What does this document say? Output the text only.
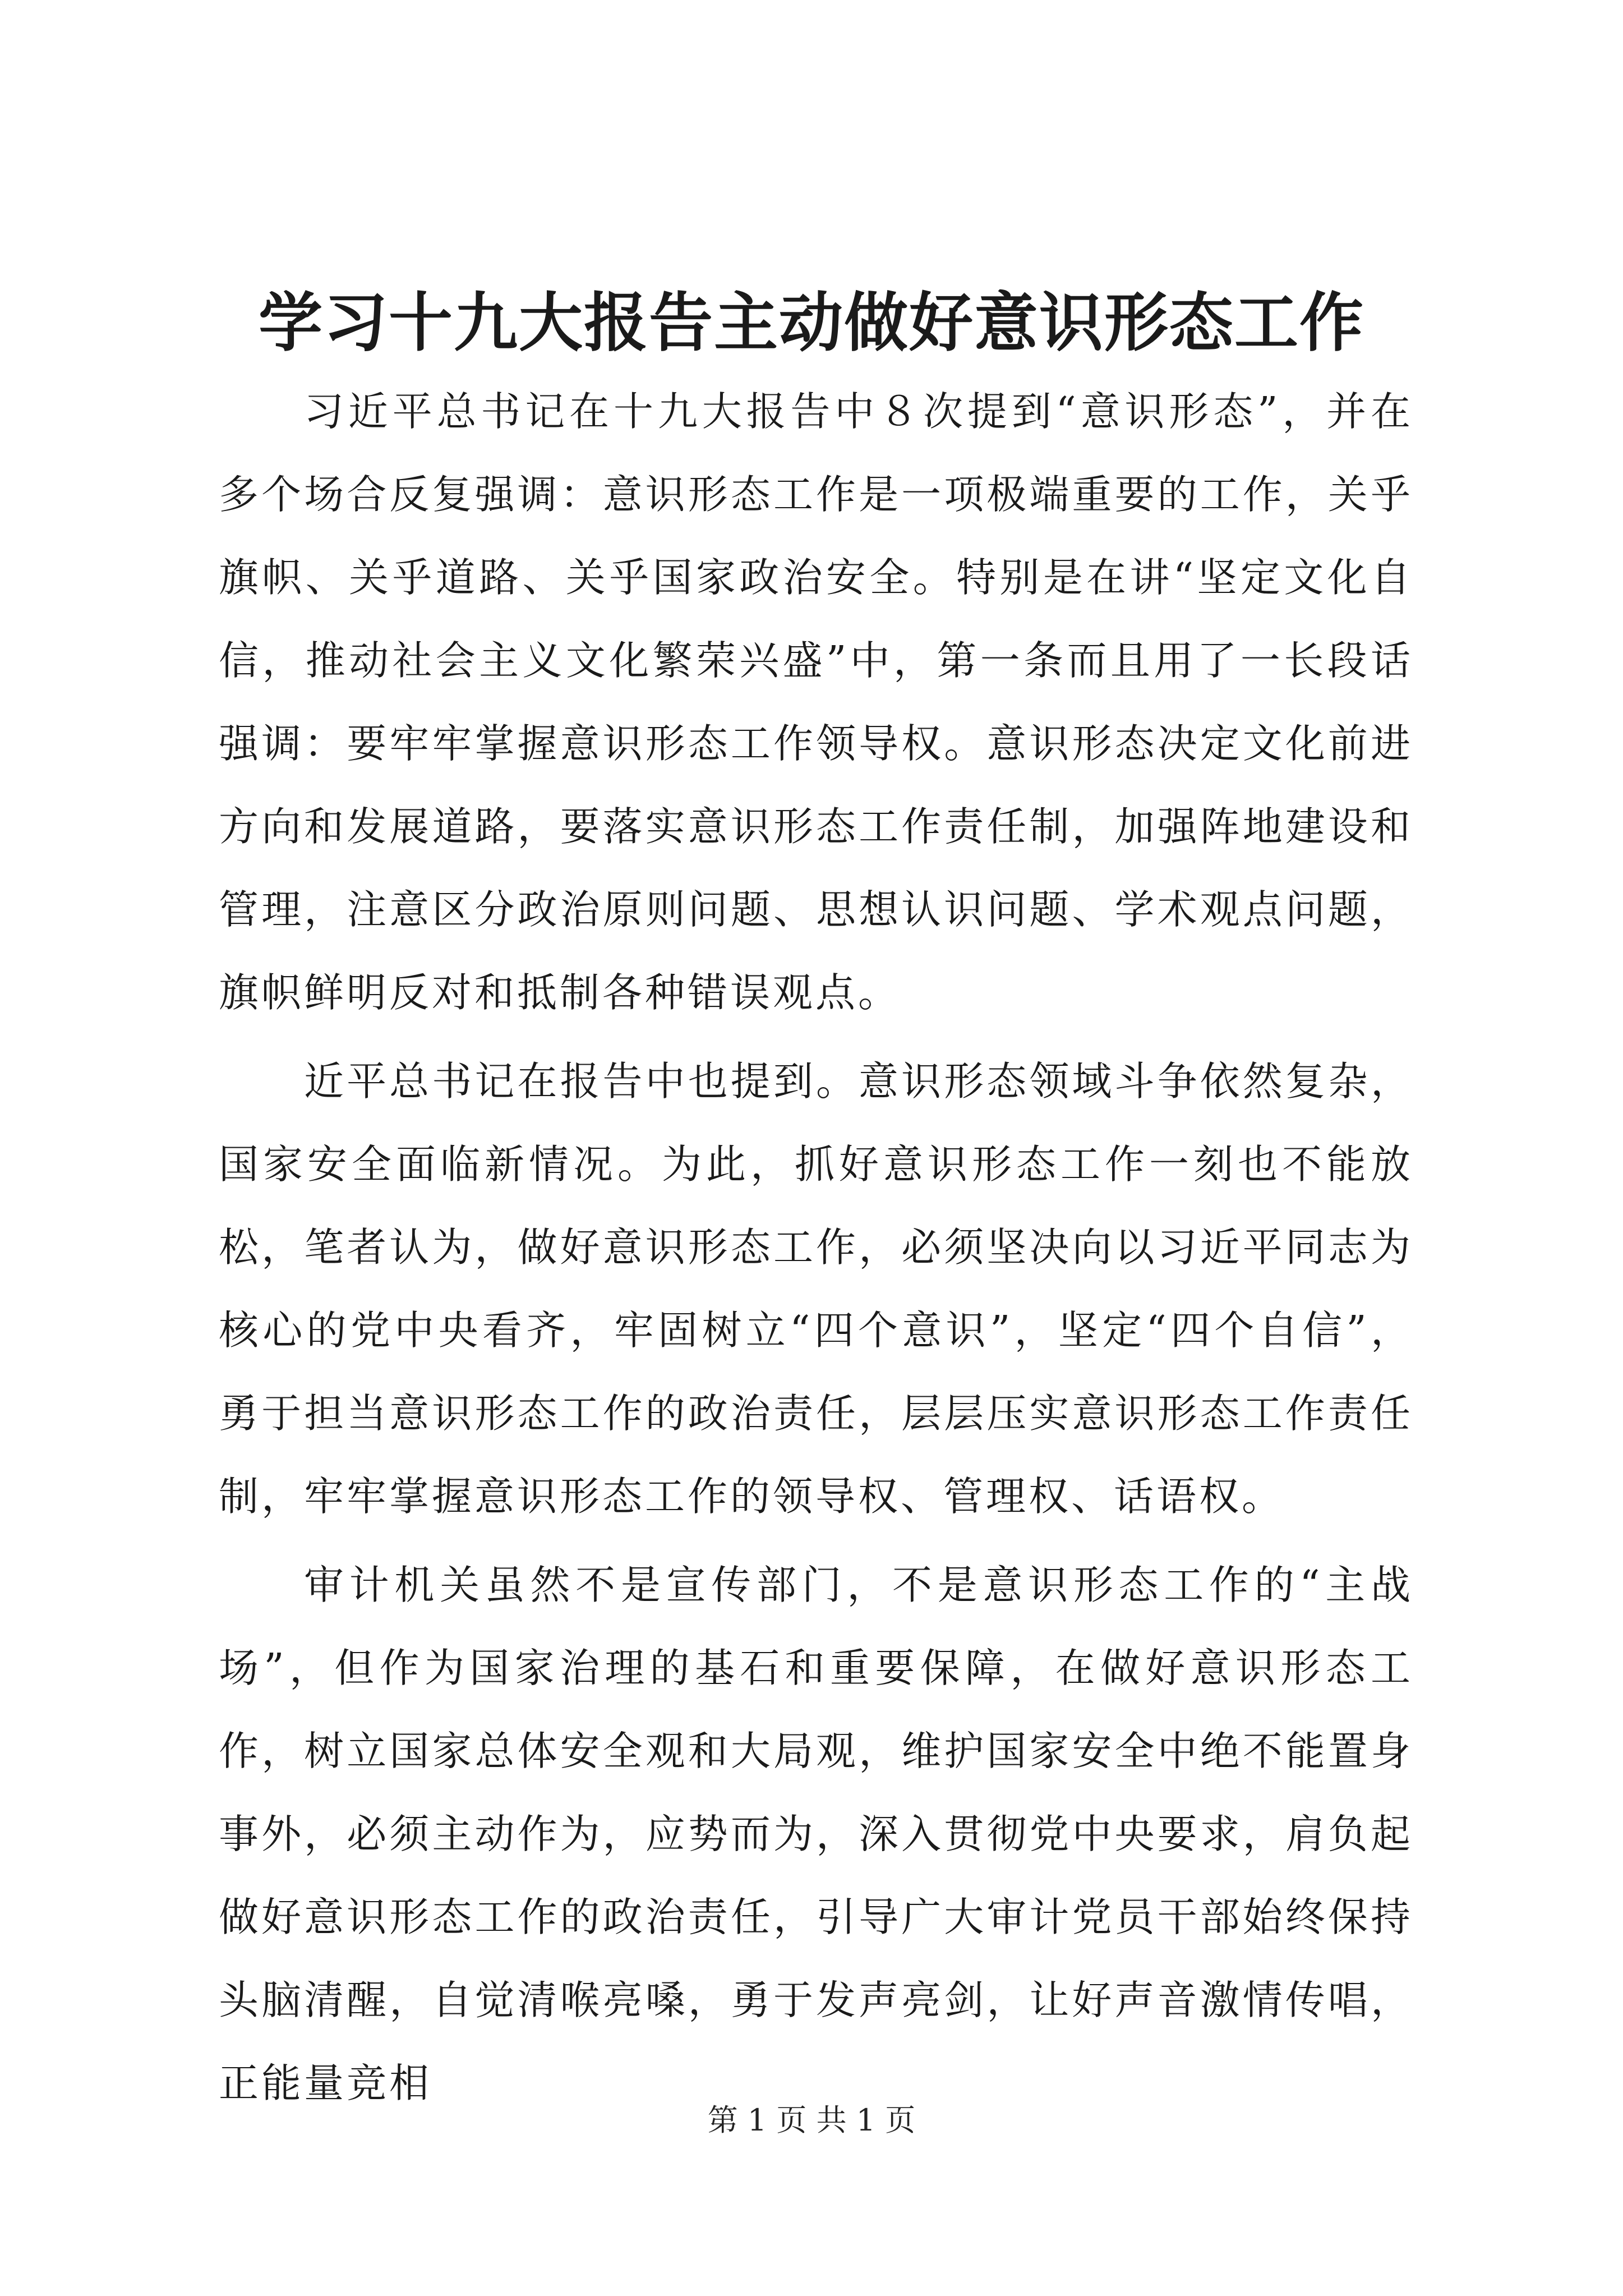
学习十九大报告主动做好意识形态工作

习近平总书记在十九大报告中８次提到“意识形态”，并在多个场合反复强调：意识形态工作是一项极端重要的工作，关乎旗帜、关乎道路、关乎国家政治安全。特别是在讲“坚定文化自信，推动社会主义文化繁荣兴盛”中，第一条而且用了一长段话强调：要牢牢掌握意识形态工作领导权。意识形态决定文化前进方向和发展道路，要落实意识形态工作责任制，加强阵地建设和管理，注意区分政治原则问题、思想认识问题、学术观点问题，旗帜鲜明反对和抵制各种错误观点。

近平总书记在报告中也提到。意识形态领域斗争依然复杂，国家安全面临新情况。为此，抓好意识形态工作一刻也不能放松，笔者认为，做好意识形态工作，必须坚决向以习近平同志为核心的党中央看齐，牢固树立“四个意识”，坚定“四个自信”，勇于担当意识形态工作的政治责任，层层压实意识形态工作责任制，牢牢掌握意识形态工作的领导权、管理权、话语权。

审计机关虽然不是宣传部门，不是意识形态工作的“主战场”，但作为国家治理的基石和重要保障，在做好意识形态工作，树立国家总体安全观和大局观，维护国家安全中绝不能置身事外，必须主动作为，应势而为，深入贯彻党中央要求，肩负起做好意识形态工作的政治责任，引导广大审计党员干部始终保持头脑清醒，自觉清喉亮嗓，勇于发声亮剑，让好声音激情传唱，正能量竞相

第 1 页 共 1 页
